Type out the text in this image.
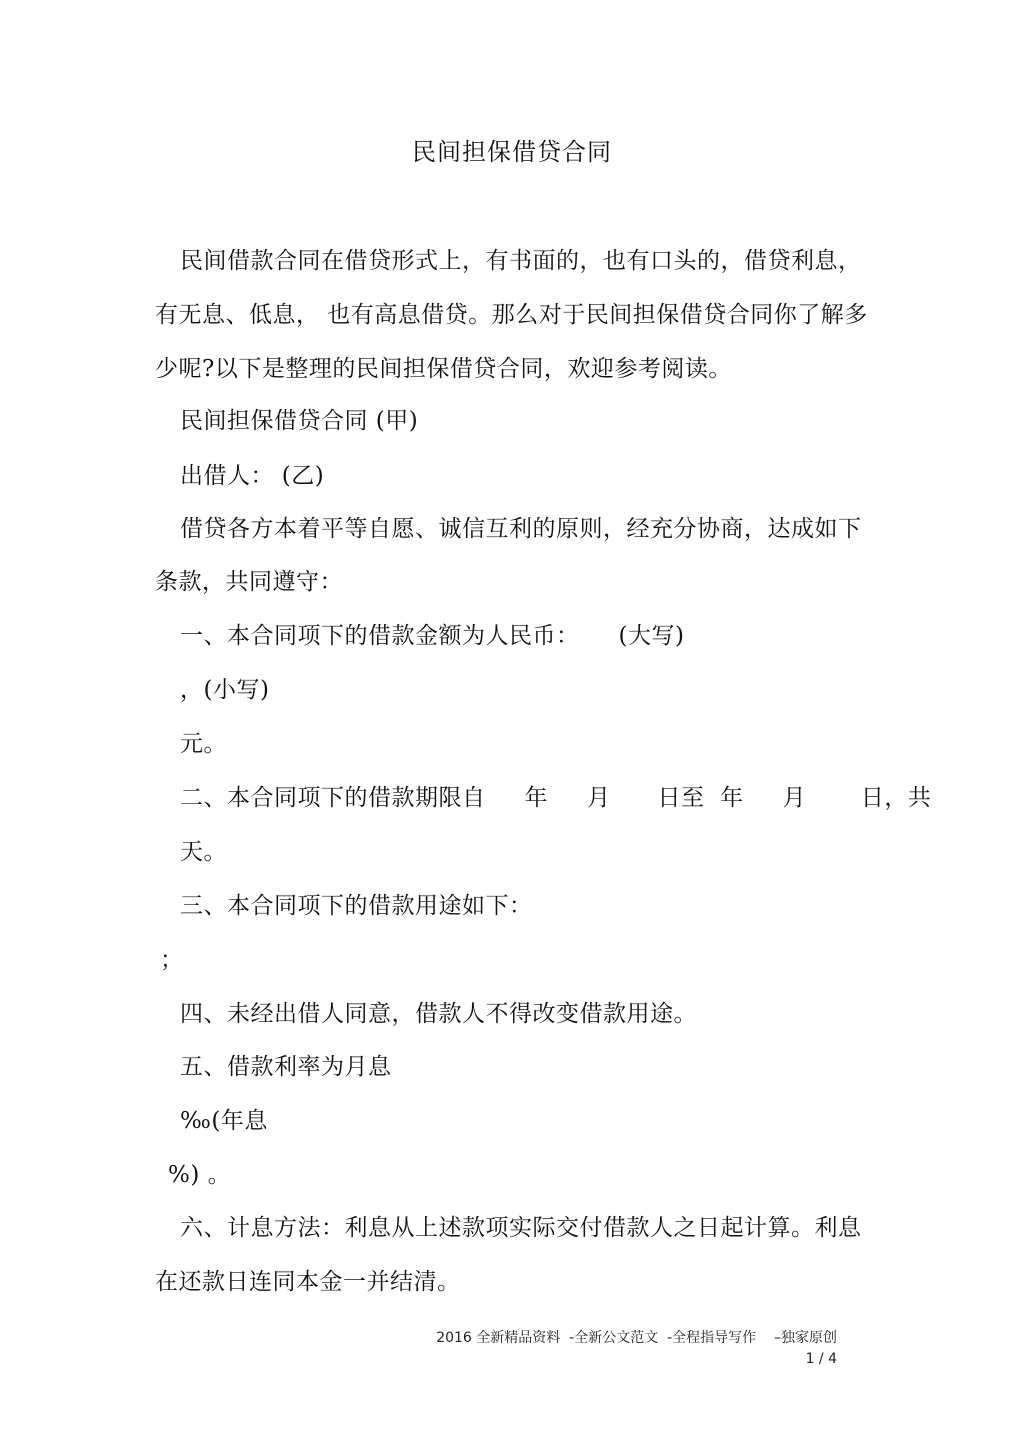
民间担保借贷合同
民间借款合同在借贷形式上，有书面的，也有口头的，借贷利息，
有无息、低息， 也有高息借贷。那么对于民间担保借贷合同你了解多
少呢?以下是整理的民间担保借贷合同，欢迎参考阅读。
民间担保借贷合同 (甲)
出借人： (乙)
借贷各方本着平等自愿、诚信互利的原则，经充分协商，达成如下
条款，共同遵守：
一、本合同项下的借款金额为人民币：     (大写)
，(小写)
元。
二、本合同项下的借款期限自     年     月      日至  年     月       日，共
天。
三、本合同项下的借款用途如下：
；
四、未经出借人同意，借款人不得改变借款用途。
五、借款利率为月息
‰(年息
%) 。
六、计息方法：利息从上述款项实际交付借款人之日起计算。利息
在还款日连同本金一并结清。
2016 全新精品资料  -全新公文范文  -全程指导写作    –独家原创
1 / 4
